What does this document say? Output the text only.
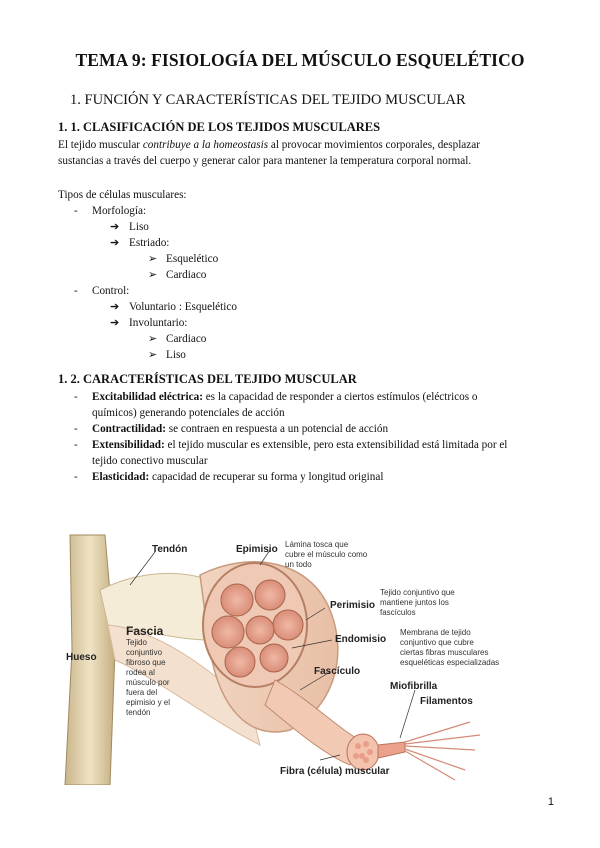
TEMA 9: FISIOLOGÍA DEL MÚSCULO ESQUELÉTICO
1. FUNCIÓN Y CARACTERÍSTICAS DEL TEJIDO MUSCULAR
1. 1. CLASIFICACIÓN DE LOS TEJIDOS MUSCULARES
El tejido muscular contribuye a la homeostasis al provocar movimientos corporales, desplazar
sustancias a través del cuerpo y generar calor para mantener la temperatura corporal normal.
Tipos de células musculares:
- Morfología:
➔ Liso
➔ Estriado:
➢ Esquelético
➢ Cardiaco
- Control:
➔ Voluntario : Esquelético
➔ Involuntario:
➢ Cardiaco
➢ Liso
1. 2. CARACTERÍSTICAS DEL TEJIDO MUSCULAR
- Excitabilidad eléctrica: es la capacidad de responder a ciertos estímulos (eléctricos o
químicos) generando potenciales de acción
- Contractilidad: se contraen en respuesta a un potencial de acción
- Extensibilidad: el tejido muscular es extensible, pero esta extensibilidad está limitada por el
tejido conectivo muscular
- Elasticidad: capacidad de recuperar su forma y longitud original
Tendón	Epimisio Lámina tosca que
cubre el músculo como
un todo
Perimisio
Tejido conjuntivo que
mantiene juntos los
fascículos
Fascia
Tejido
conjuntivo
fibroso que
rodea al
músculo por
fuera del
epimisio y el
tendón
Hueso
Endomisio
Membrana de tejido
conjuntivo que cubre
ciertas fibras musculares
esqueléticas especializadas
Fascículo
Miofibrilla
Filamentos
Fibra (célula) muscular
1
